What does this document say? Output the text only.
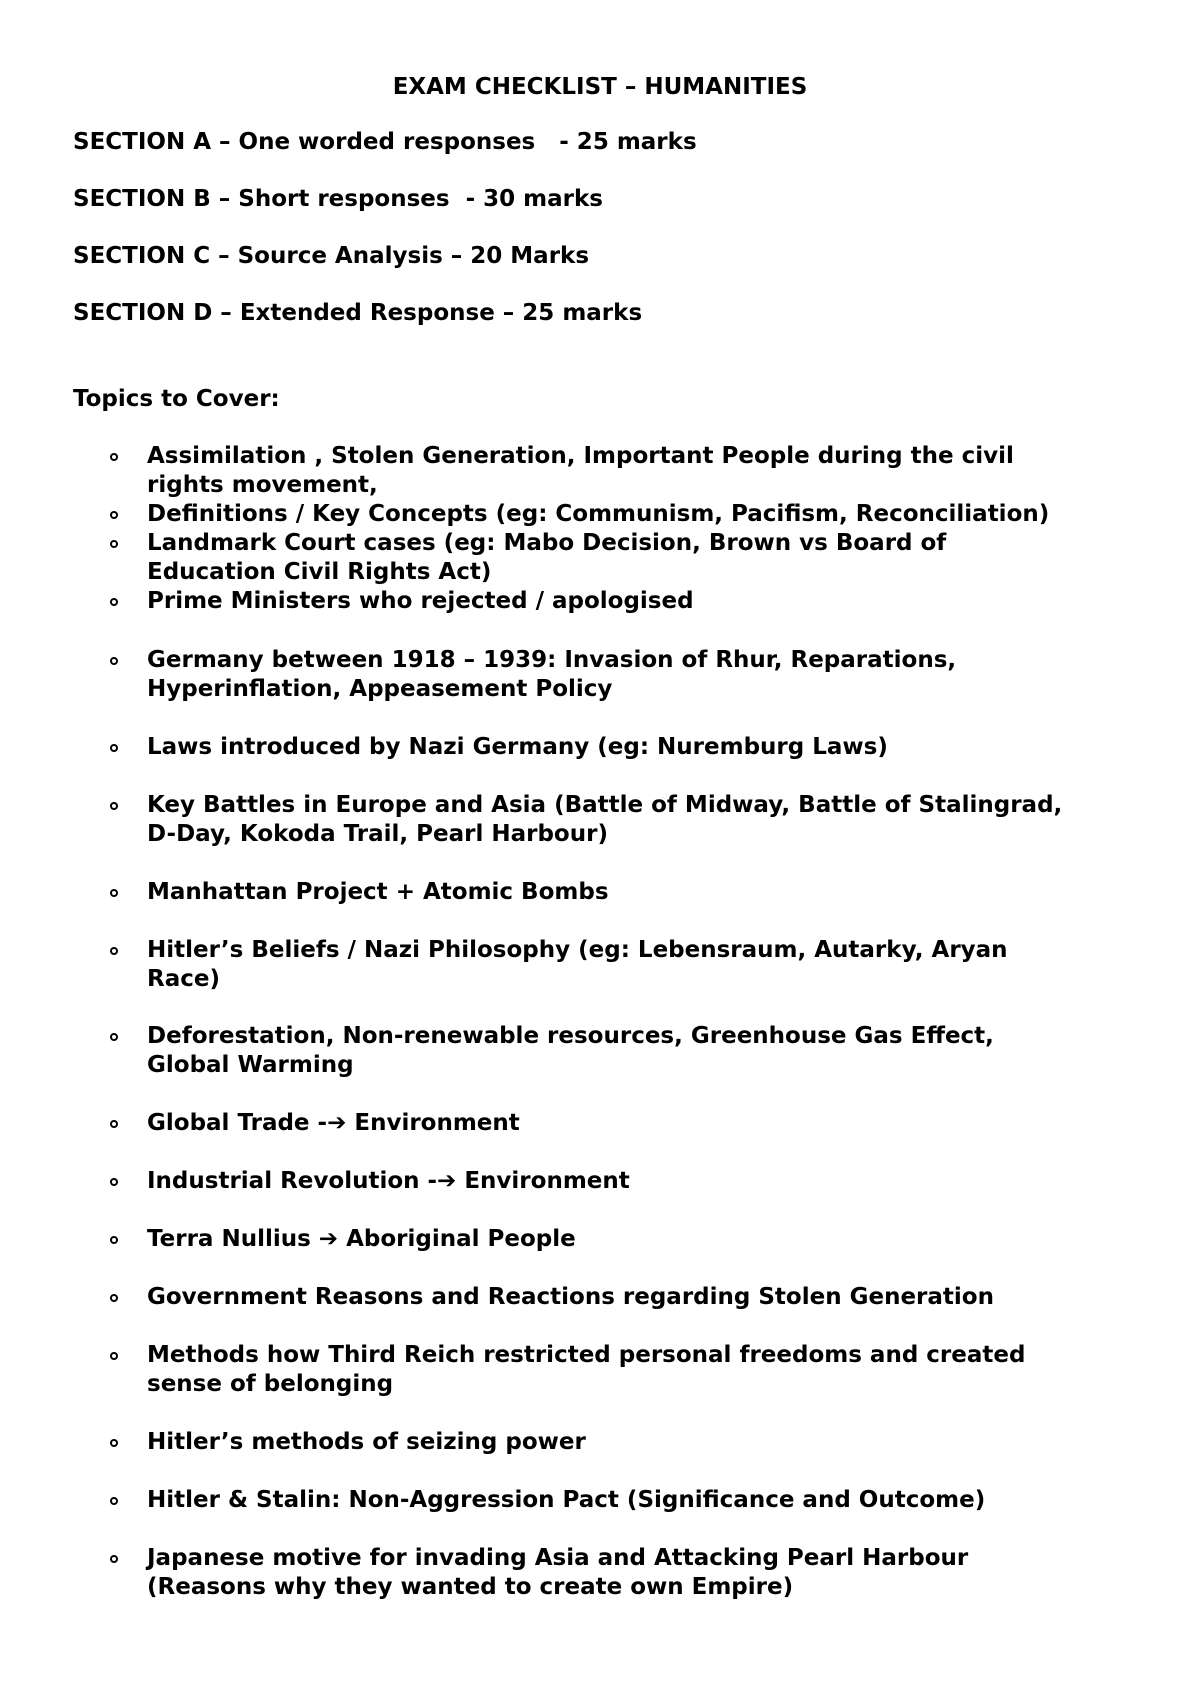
EXAM CHECKLIST – HUMANITIES

SECTION A – One worded responses   - 25 marks

SECTION B – Short responses  - 30 marks

SECTION C – Source Analysis – 20 Marks

SECTION D – Extended Response – 25 marks

Topics to Cover:

Assimilation , Stolen Generation, Important People during the civil
rights movement,
Definitions / Key Concepts (eg: Communism, Pacifism, Reconciliation)
Landmark Court cases (eg: Mabo Decision, Brown vs Board of
Education Civil Rights Act)
Prime Ministers who rejected / apologised
Germany between 1918 – 1939: Invasion of Rhur, Reparations,
Hyperinflation, Appeasement Policy
Laws introduced by Nazi Germany (eg: Nuremburg Laws)
Key Battles in Europe and Asia (Battle of Midway, Battle of Stalingrad,
D-Day, Kokoda Trail, Pearl Harbour)
Manhattan Project + Atomic Bombs
Hitler’s Beliefs / Nazi Philosophy (eg: Lebensraum, Autarky, Aryan
Race)
Deforestation, Non-renewable resources, Greenhouse Gas Effect,
Global Warming
Global Trade -➔ Environment
Industrial Revolution -➔ Environment
Terra Nullius ➔ Aboriginal People
Government Reasons and Reactions regarding Stolen Generation
Methods how Third Reich restricted personal freedoms and created
sense of belonging
Hitler’s methods of seizing power
Hitler & Stalin: Non-Aggression Pact (Significance and Outcome)
Japanese motive for invading Asia and Attacking Pearl Harbour
(Reasons why they wanted to create own Empire)
